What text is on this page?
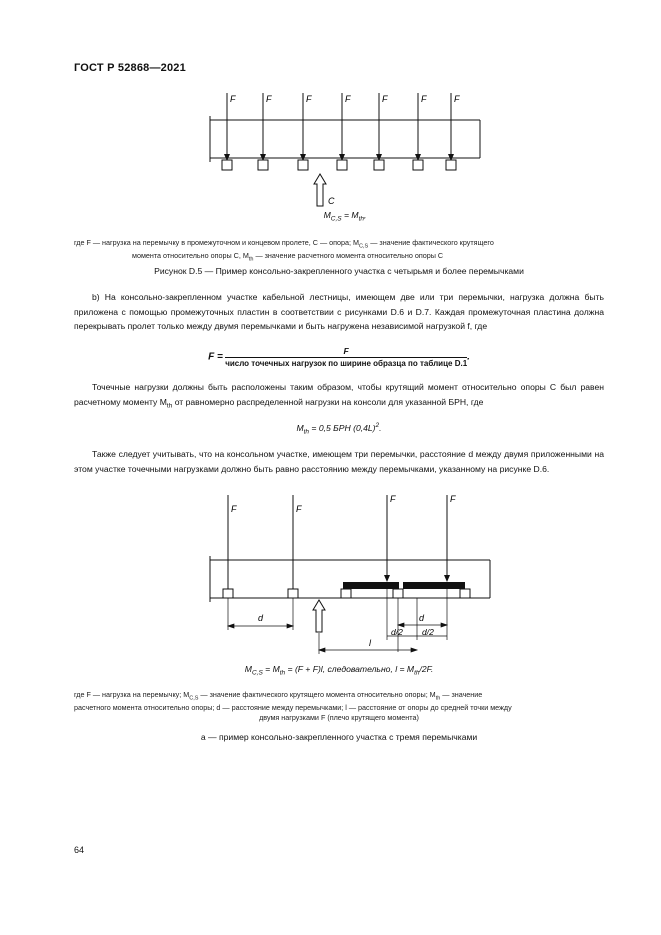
ГОСТ Р 52868—2021
F	F	F	F	F	F	F
C
$M_{C,S} = M_{th}$,
где F — нагрузка на перемычку в промежуточном и концевом пролете, C — опора; $M_{C,S}$ — значение фактического крутящего
момента относительно опоры C, $M_{th}$ — значение расчетного момента относительно опоры C
Рисунок D.5 — Пример консольно-закрепленного участка с четырьмя и более перемычками
b) На консольно-закрепленном участке кабельной лестницы, имеющем две или три перемычки, нагрузка должна быть приложена с помощью промежуточных пластин в соответствии с рисунками D.6 и D.7. Каждая промежуточная пластина должна перекрывать пролет только между двумя перемычками и быть нагружена независимой нагрузкой f, где
$F = \frac{F}{\text{число точечных нагрузок по ширине образца по таблице D.1}}$ .
Точечные нагрузки должны быть расположены таким образом, чтобы крутящий момент относительно опоры C был равен расчетному моменту $M_{th}$ от равномерно распределенной нагрузки на консоли для указанной БРН, где
$M_{th} = 0,5$ БРН $(0,4L)^2$.
Также следует учитывать, что на консольном участке, имеющем три перемычки, расстояние d между двумя приложенными на этом участке точечными нагрузками должно быть равно расстоянию между перемычками, указанному на рисунке D.6.
F	F
F	F
d	d
d/2 d/2
l
$M_{C,S} = M_{th} = (F + F)l$, следовательно, $l = M_{th}/2F$.
где F — нагрузка на перемычку; $M_{C,S}$ — значение фактического крутящего момента относительно опоры; $M_{th}$ — значение
расчетного момента относительно опоры; d — расстояние между перемычками; l — расстояние от опоры до средней точки между
двумя нагрузками F (плечо крутящего момента)
а — пример консольно-закрепленного участка с тремя перемычками
64
